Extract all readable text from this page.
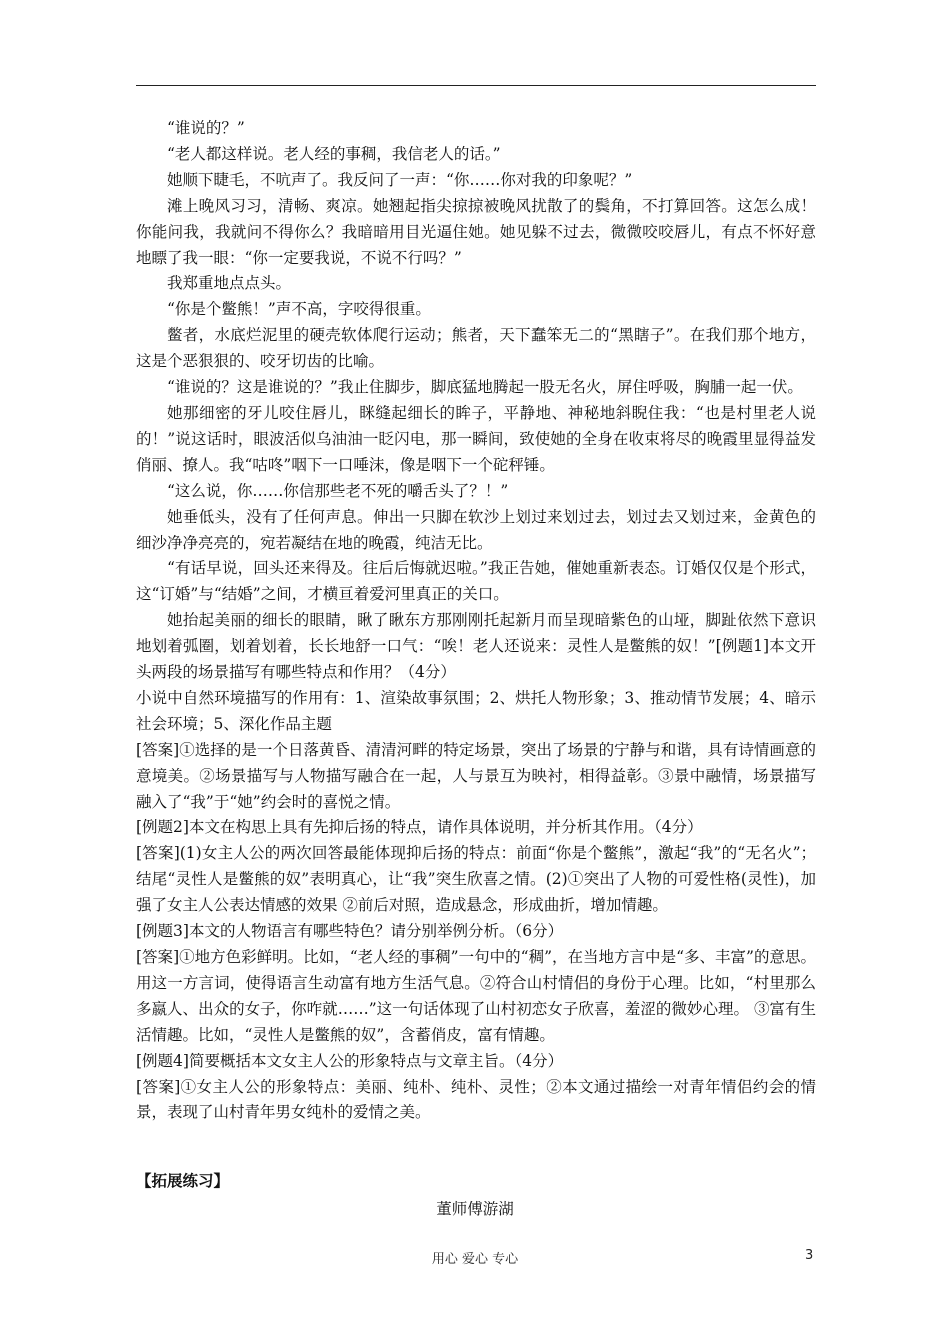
“谁说的？”

“老人都这样说。老人经的事稠，我信老人的话。”

她顺下睫毛，不吭声了。我反问了一声：“你……你对我的印象呢？”

滩上晚风习习，清畅、爽凉。她翘起指尖掠掠被晚风扰散了的鬓角，不打算回答。这怎么成！你能问我，我就问不得你么？我暗暗用目光逼住她。她见躲不过去，微微咬咬唇儿，有点不怀好意地瞟了我一眼：“你一定要我说，不说不行吗？”

我郑重地点点头。

“你是个鳖熊！”声不高，字咬得很重。

鳖者，水底烂泥里的硬壳软体爬行运动；熊者，天下蠢笨无二的“黑瞎子”。在我们那个地方，这是个恶狠狠的、咬牙切齿的比喻。

“谁说的？这是谁说的？”我止住脚步，脚底猛地腾起一股无名火，屏住呼吸，胸脯一起一伏。

她那细密的牙儿咬住唇儿，眯缝起细长的眸子，平静地、神秘地斜睨住我：“也是村里老人说的！”说这话时，眼波活似乌油油一眨闪电，那一瞬间，致使她的全身在收束将尽的晚霞里显得益发俏丽、撩人。我“咕咚”咽下一口唾沫，像是咽下一个砣秤锤。

“这么说，你……你信那些老不死的嚼舌头了？！”

她垂低头，没有了任何声息。伸出一只脚在软沙上划过来划过去，划过去又划过来，金黄色的细沙净净亮亮的，宛若凝结在地的晚霞，纯洁无比。

“有话早说，回头还来得及。往后后悔就迟啦。”我正告她，催她重新表态。订婚仅仅是个形式，这“订婚”与“结婚”之间，才横亘着爱河里真正的关口。

她抬起美丽的细长的眼睛，瞅了瞅东方那刚刚托起新月而呈现暗紫色的山垭，脚趾依然下意识地划着弧圈，划着划着，长长地舒一口气：“唉！老人还说来：灵性人是鳖熊的奴！”[例题1]本文开头两段的场景描写有哪些特点和作用？（4分）

小说中自然环境描写的作用有：1、渲染故事氛围；2、烘托人物形象；3、推动情节发展；4、暗示社会环境；5、深化作品主题

[答案]①选择的是一个日落黄昏、清清河畔的特定场景，突出了场景的宁静与和谐，具有诗情画意的意境美。②场景描写与人物描写融合在一起，人与景互为映衬，相得益彰。③景中融情，场景描写融入了“我”于“她”约会时的喜悦之情。

[例题2]本文在构思上具有先抑后扬的特点，请作具体说明，并分析其作用。（4分）

[答案](1)女主人公的两次回答最能体现抑后扬的特点：前面“你是个鳖熊”，激起“我”的“无名火”；结尾“灵性人是鳖熊的奴”表明真心，让“我”突生欣喜之情。(2)①突出了人物的可爱性格(灵性)，加强了女主人公表达情感的效果 ②前后对照，造成悬念，形成曲折，增加情趣。

[例题3]本文的人物语言有哪些特色？请分别举例分析。（6分）

[答案]①地方色彩鲜明。比如，“老人经的事稠”一句中的“稠”，在当地方言中是“多、丰富”的意思。用这一方言词，使得语言生动富有地方生活气息。②符合山村情侣的身份于心理。比如，“村里那么多嬴人、出众的女子，你咋就……”这一句话体现了山村初恋女子欣喜，羞涩的微妙心理。 ③富有生活情趣。比如，“灵性人是鳖熊的奴”，含蓄俏皮，富有情趣。

[例题4]简要概括本文女主人公的形象特点与文章主旨。（4分）

[答案]①女主人公的形象特点：美丽、纯朴、纯朴、灵性；②本文通过描绘一对青年情侣约会的情景，表现了山村青年男女纯朴的爱情之美。

【拓展练习】
董师傅游湖
用心 爱心 专心	3
